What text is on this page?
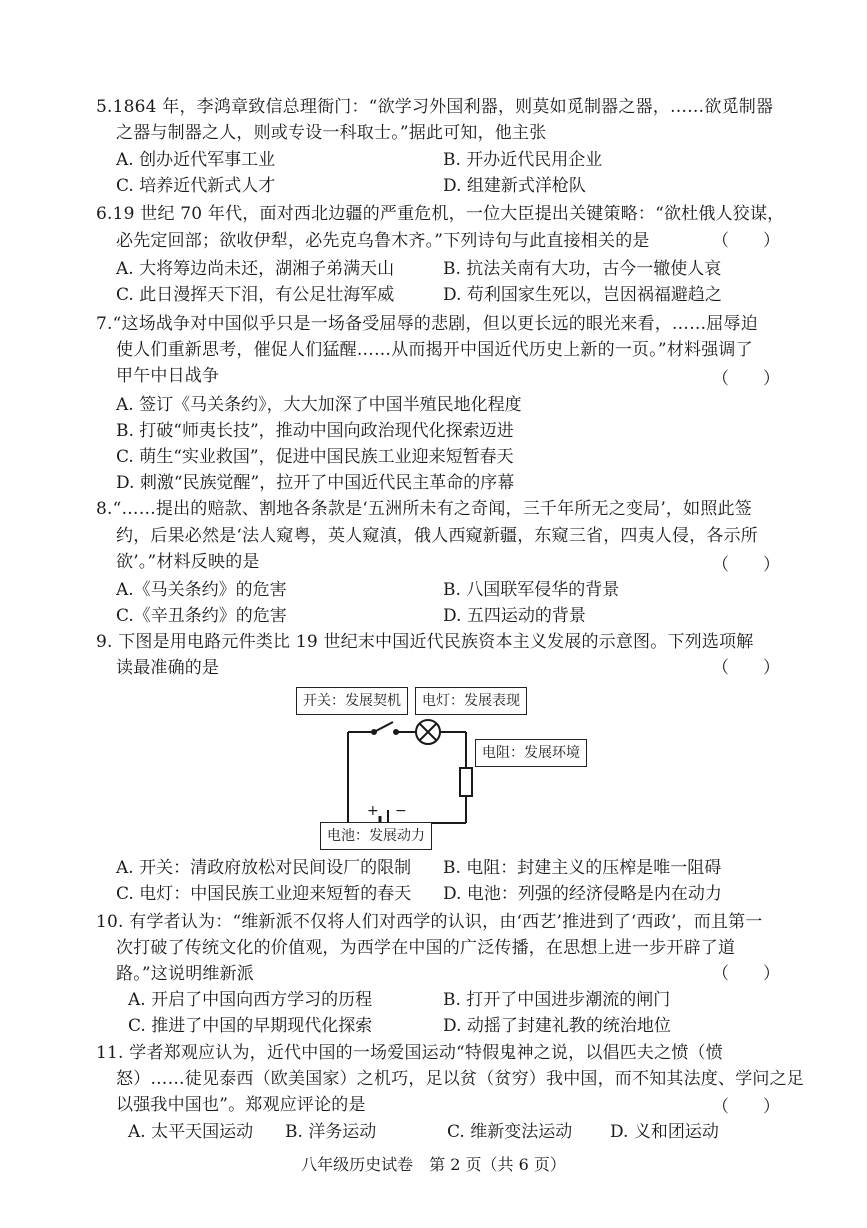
5.1864 年，李鸿章致信总理衙门：“欲学习外国利器，则莫如觅制器之器，……欲觅制器
之器与制器之人，则或专设一科取士。”据此可知，他主张
A. 创办近代军事工业	B. 开办近代民用企业
C. 培养近代新式人才	D. 组建新式洋枪队
6.19 世纪 70 年代，面对西北边疆的严重危机，一位大臣提出关键策略：“欲杜俄人狡谋，
必先定回部；欲收伊犁，必先克乌鲁木齐。”下列诗句与此直接相关的是	（　　）
A. 大将筹边尚未还，湖湘子弟满天山	B. 抗法关南有大功，古今一辙使人哀
C. 此日漫挥天下泪，有公足壮海军威	D. 苟利国家生死以，岂因祸福避趋之
7.“这场战争对中国似乎只是一场备受屈辱的悲剧，但以更长远的眼光来看，……屈辱迫
使人们重新思考，催促人们猛醒……从而揭开中国近代历史上新的一页。”材料强调了
甲午中日战争	（　　）
A. 签订《马关条约》，大大加深了中国半殖民地化程度
B. 打破“师夷长技”，推动中国向政治现代化探索迈进
C. 萌生“实业救国”，促进中国民族工业迎来短暂春天
D. 刺激“民族觉醒”，拉开了中国近代民主革命的序幕
8.“……提出的赔款、割地各条款是‘五洲所未有之奇闻，三千年所无之变局’，如照此签
约，后果必然是‘法人窥粤，英人窥滇，俄人西窥新疆，东窥三省，四夷人侵，各示所
欲’。”材料反映的是	（　　）
A.《马关条约》的危害	B. 八国联军侵华的背景
C.《辛丑条约》的危害	D. 五四运动的背景
9. 下图是用电路元件类比 19 世纪末中国近代民族资本主义发展的示意图。下列选项解
读最准确的是	（　　）
+ −
开关：发展契机	电灯：发展表现
电阻：发展环境
电池：发展动力
A. 开关：清政府放松对民间设厂的限制 B. 电阻：封建主义的压榨是唯一阻碍
C. 电灯：中国民族工业迎来短暂的春天 D. 电池：列强的经济侵略是内在动力
10. 有学者认为：“维新派不仅将人们对西学的认识，由‘西艺’推进到了‘西政’，而且第一
次打破了传统文化的价值观，为西学在中国的广泛传播，在思想上进一步开辟了道
路。”这说明维新派	（　　）
A. 开启了中国向西方学习的历程	B. 打开了中国进步潮流的闸门
C. 推进了中国的早期现代化探索	D. 动摇了封建礼教的统治地位
11. 学者郑观应认为，近代中国的一场爱国运动“特假鬼神之说，以倡匹夫之愤（愤
怒）……徒见泰西（欧美国家）之机巧，足以贫（贫穷）我中国，而不知其法度、学问之足
以强我中国也”。郑观应评论的是	（　　）
A. 太平天国运动 B. 洋务运动	C. 维新变法运动 D. 义和团运动
八年级历史试卷　第 2 页（共 6 页）
